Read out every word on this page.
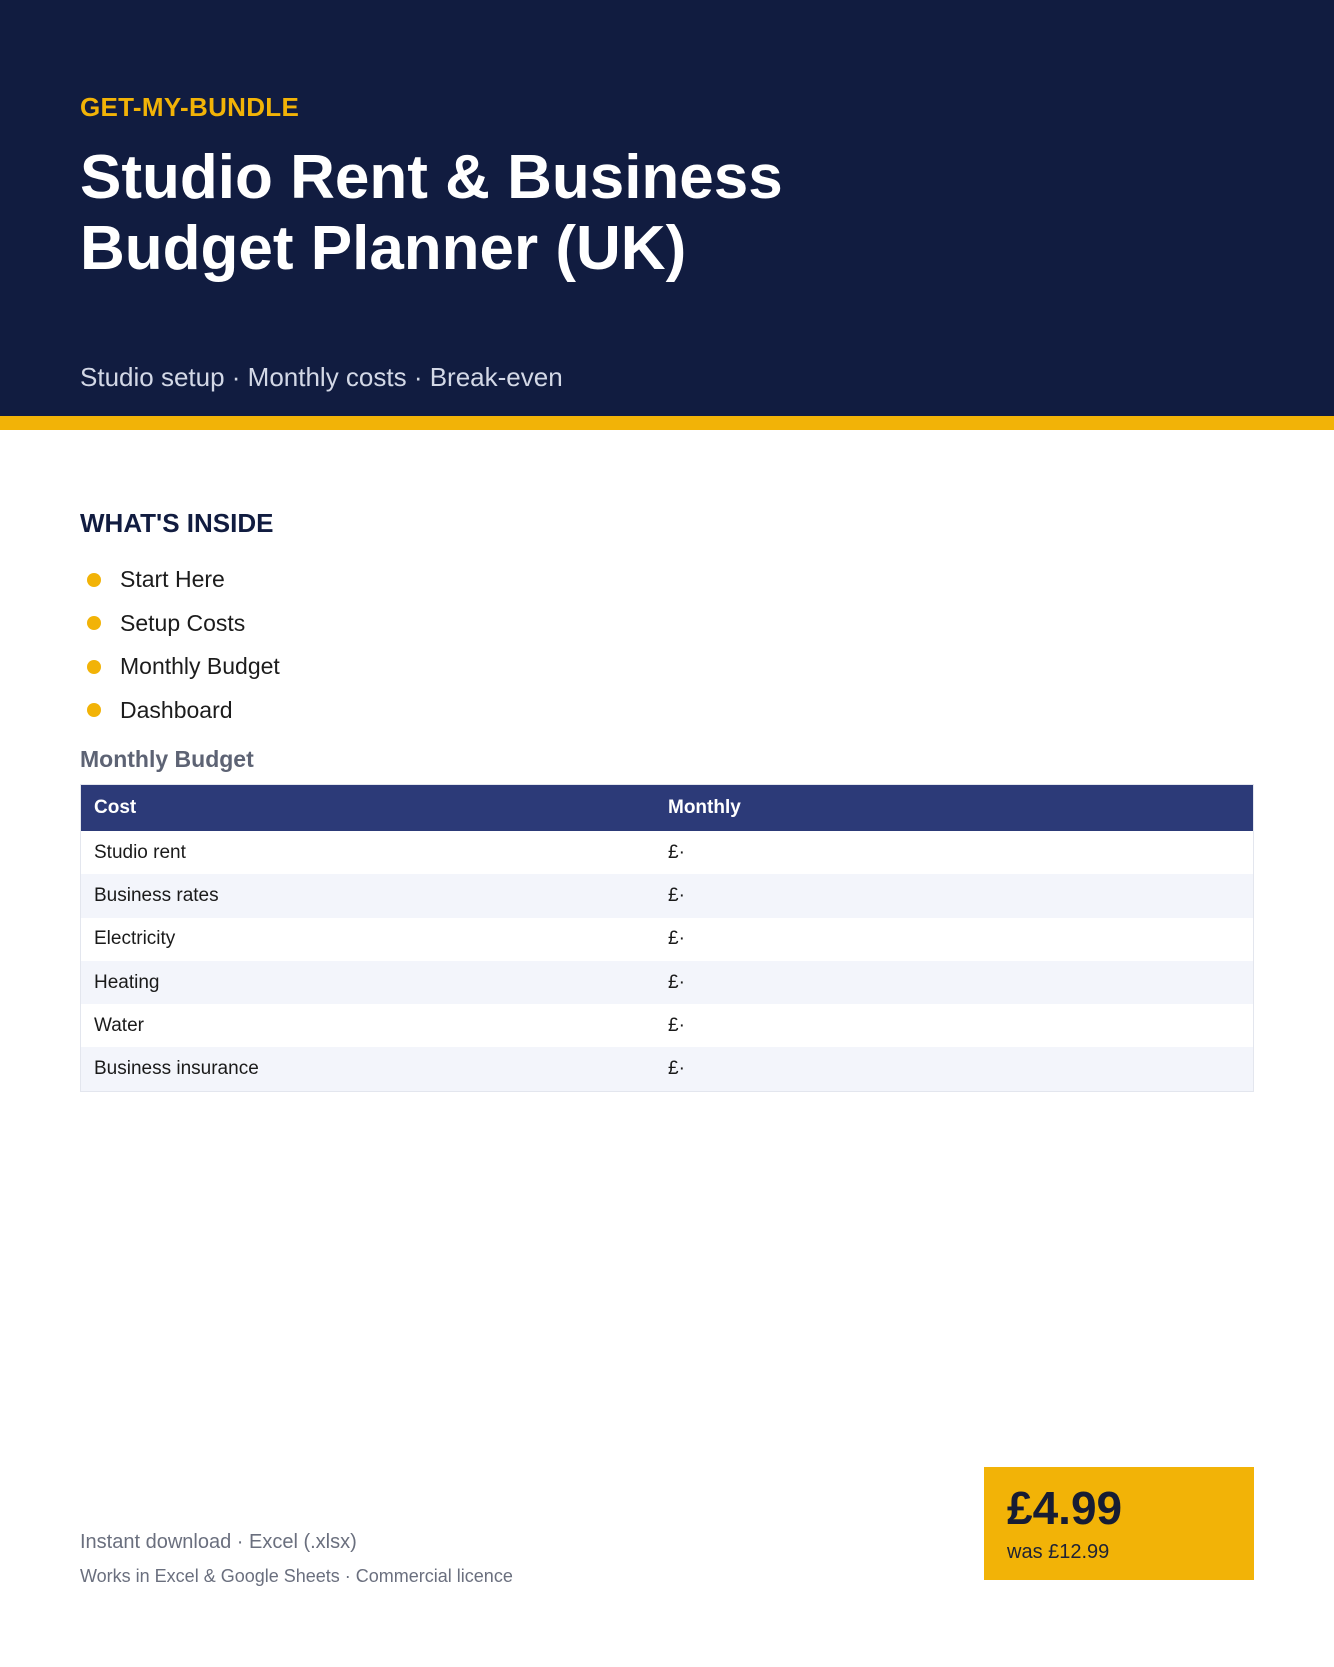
GET-MY-BUNDLE
Studio Rent & Business Budget Planner (UK)
Studio setup · Monthly costs · Break-even
WHAT'S INSIDE
Start Here
Setup Costs
Monthly Budget
Dashboard
Monthly Budget
Cost	Monthly
Studio rent	£·
Business rates	£·
Electricity	£·
Heating	£·
Water	£·
Business insurance	£·
Instant download · Excel (.xlsx)
Works in Excel & Google Sheets · Commercial licence
£4.99
was £12.99
